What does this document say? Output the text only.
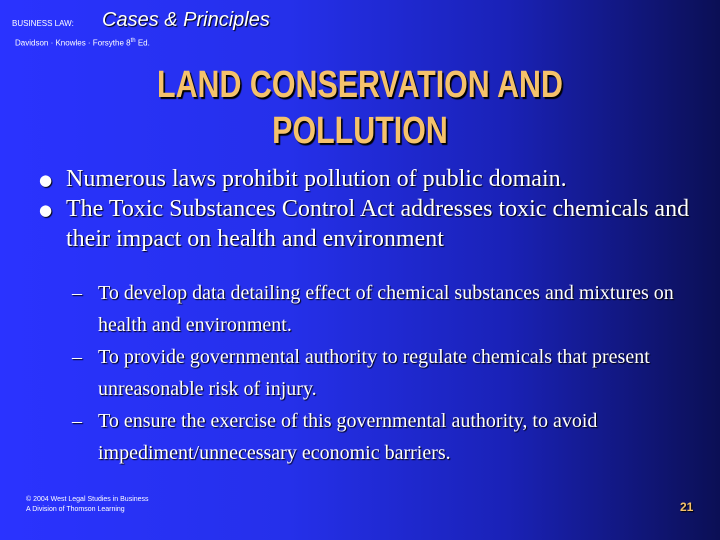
BUSINESS LAW: Cases & Principles
Davidson · Knowles · Forsythe 8th Ed.
LAND CONSERVATION AND POLLUTION
● Numerous laws prohibit pollution of public domain.
● The Toxic Substances Control Act addresses toxic chemicals and their impact on health and environment
– To develop data detailing effect of chemical substances and mixtures on health and environment.
– To provide governmental authority to regulate chemicals that present unreasonable risk of injury.
– To ensure the exercise of this governmental authority, to avoid impediment/unnecessary economic barriers.
© 2004 West Legal Studies in Business
A Division of Thomson Learning	21
